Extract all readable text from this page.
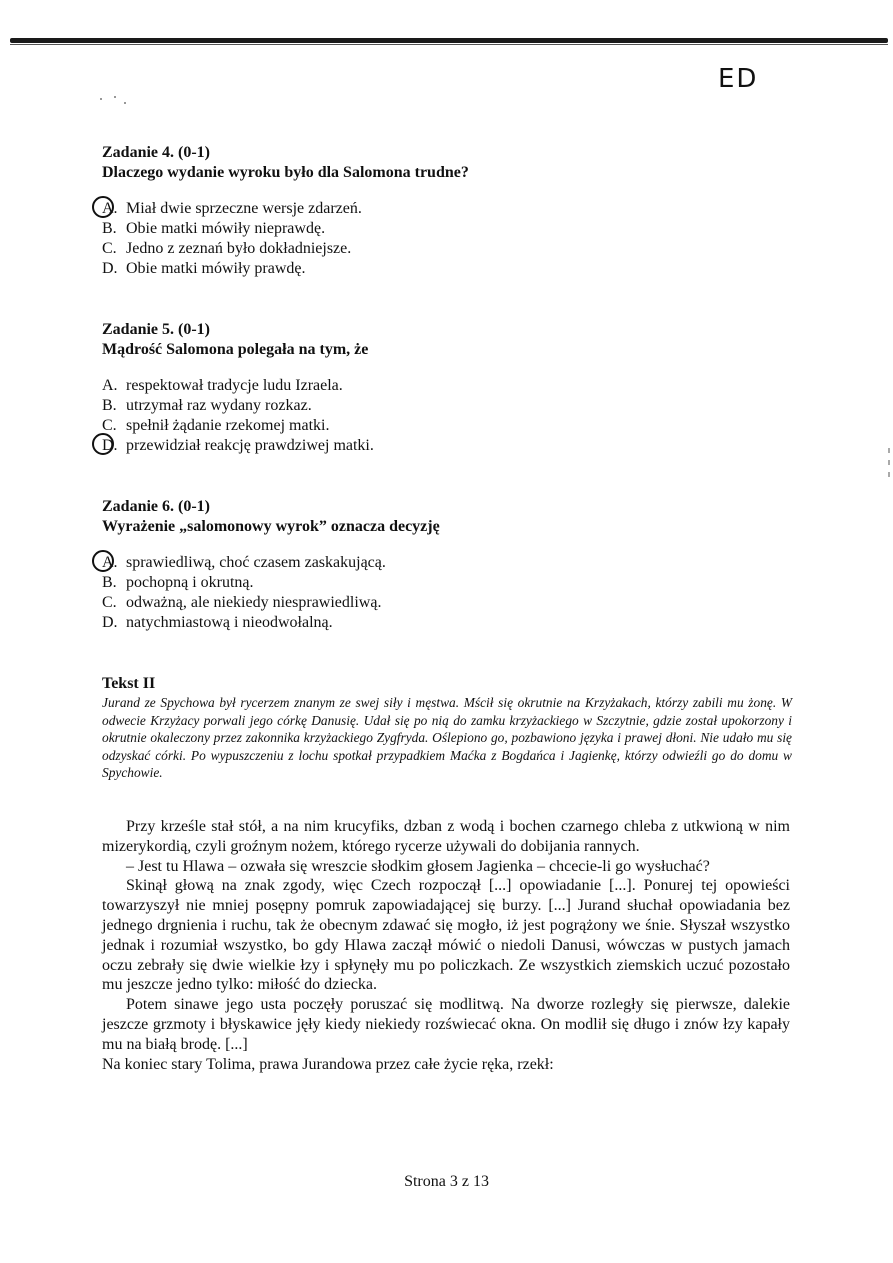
ED
Zadanie 4. (0-1)
Dlaczego wydanie wyroku było dla Salomona trudne?
A. Miał dwie sprzeczne wersje zdarzeń.
B. Obie matki mówiły nieprawdę.
C. Jedno z zeznań było dokładniejsze.
D. Obie matki mówiły prawdę.
Zadanie 5. (0-1)
Mądrość Salomona polegała na tym, że
A. respektował tradycje ludu Izraela.
B. utrzymał raz wydany rozkaz.
C. spełnił żądanie rzekomej matki.
D. przewidział reakcję prawdziwej matki.
Zadanie 6. (0-1)
Wyrażenie „salomonowy wyrok” oznacza decyzję
A. sprawiedliwą, choć czasem zaskakującą.
B. pochopną i okrutną.
C. odważną, ale niekiedy niesprawiedliwą.
D. natychmiastową i nieodwołalną.
Tekst II

Jurand ze Spychowa był rycerzem znanym ze swej siły i męstwa. Mścił się okrutnie na Krzyżakach, którzy zabili mu żonę. W odwecie Krzyżacy porwali jego córkę Danusię. Udał się po nią do zamku krzyżackiego w Szczytnie, gdzie został upokorzony i okrutnie okaleczony przez zakonnika krzyżackiego Zygfryda. Oślepiono go, pozbawiono języka i prawej dłoni. Nie udało mu się odzyskać córki. Po wypuszczeniu z lochu spotkał przypadkiem Maćka z Bogdańca i Jagienkę, którzy odwieźli go do domu w Spychowie.

Przy krześle stał stół, a na nim krucyfiks, dzban z wodą i bochen czarnego chleba z utkwioną w nim mizerykordią, czyli groźnym nożem, którego rycerze używali do dobijania rannych.

– Jest tu Hlawa – ozwała się wreszcie słodkim głosem Jagienka – chcecie-li go wysłuchać?

Skinął głową na znak zgody, więc Czech rozpoczął [...] opowiadanie [...]. Ponurej tej opowieści towarzyszył nie mniej posępny pomruk zapowiadającej się burzy. [...] Jurand słuchał opowiadania bez jednego drgnienia i ruchu, tak że obecnym zdawać się mogło, iż jest pogrążony we śnie. Słyszał wszystko jednak i rozumiał wszystko, bo gdy Hlawa zaczął mówić o niedoli Danusi, wówczas w pustych jamach oczu zebrały się dwie wielkie łzy i spłynęły mu po policzkach. Ze wszystkich ziemskich uczuć pozostało mu jeszcze jedno tylko: miłość do dziecka.

Potem sinawe jego usta poczęły poruszać się modlitwą. Na dworze rozległy się pierwsze, dalekie jeszcze grzmoty i błyskawice jęły kiedy niekiedy rozświecać okna. On modlił się długo i znów łzy kapały mu na białą brodę. [...]

Na koniec stary Tolima, prawa Jurandowa przez całe życie ręka, rzekł:

Strona 3 z 13
